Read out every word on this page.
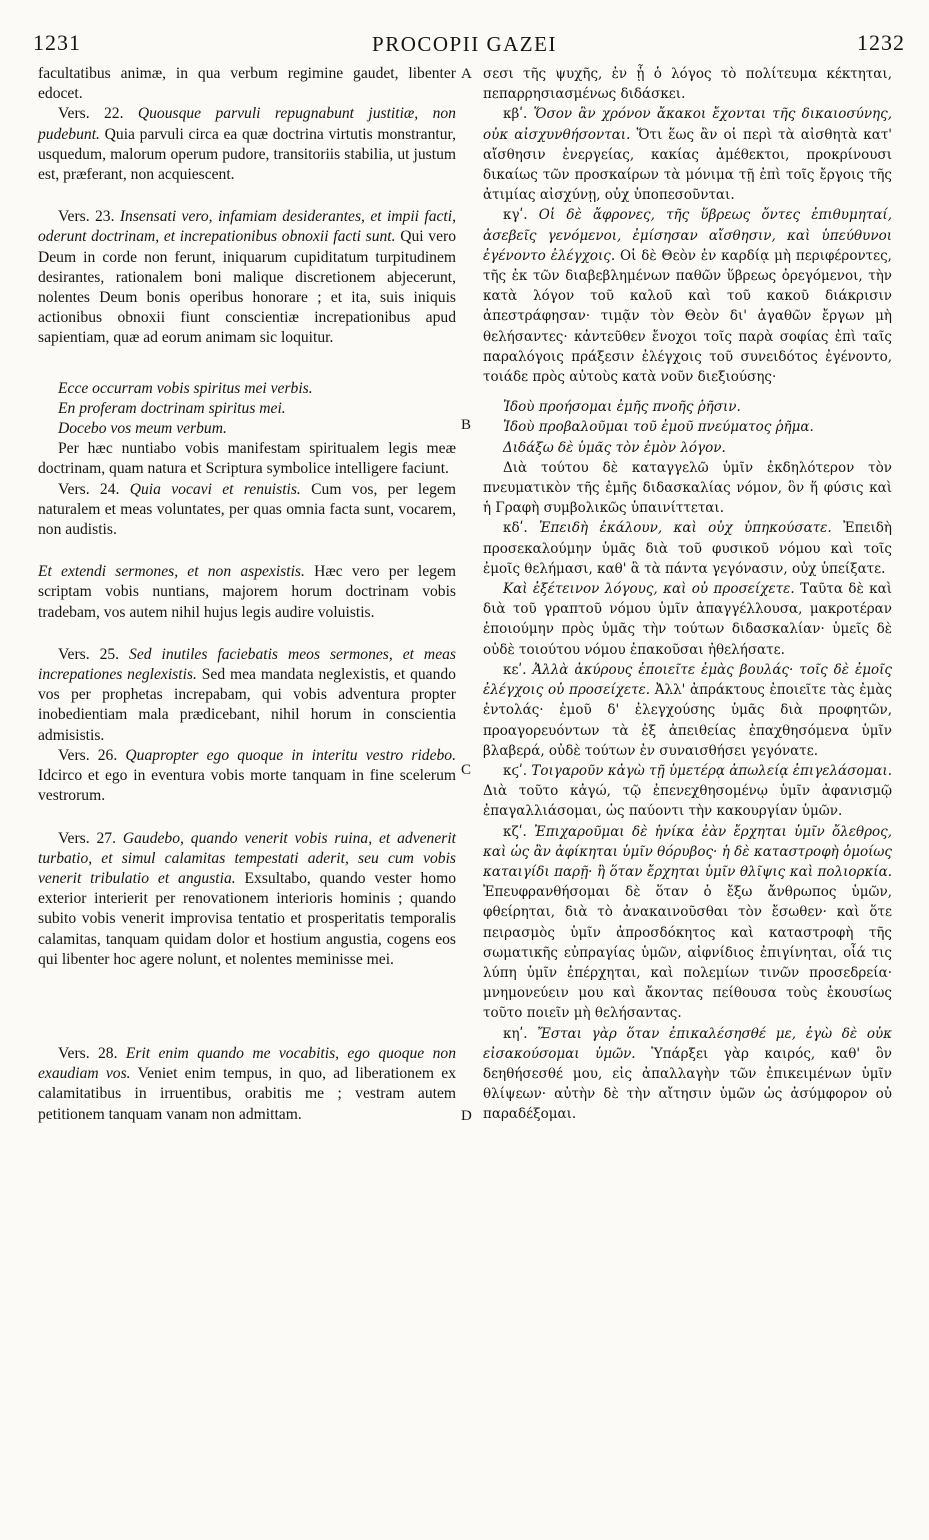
1231	PROCOPII GAZEI	1232
A
B
C
D

facultatibus animæ, in qua verbum regimine gaudet, libenter edocet.

Vers. 22. Quousque parvuli repugnabunt justitiæ, non pudebunt. Quia parvuli circa ea quæ doctrina virtutis monstrantur, usquedum, malorum operum pudore, transitoriis stabilia, ut justum est, præferant, non acquiescent.

Vers. 23. Insensati vero, infamiam desiderantes, et impii facti, oderunt doctrinam, et increpationibus obnoxii facti sunt. Qui vero Deum in corde non ferunt, iniquarum cupiditatum turpitudinem desirantes, rationalem boni malique discretionem abjecerunt, nolentes Deum bonis operibus honorare ; et ita, suis iniquis actionibus obnoxii fiunt conscientiæ increpationibus apud sapientiam, quæ ad eorum animam sic loquitur.

Ecce occurram vobis spiritus mei verbis.
En proferam doctrinam spiritus mei.
Docebo vos meum verbum.

Per hæc nuntiabo vobis manifestam spiritualem legis meæ doctrinam, quam natura et Scriptura symbolice intelligere faciunt.

Vers. 24. Quia vocavi et renuistis. Cum vos, per legem naturalem et meas voluntates, per quas omnia facta sunt, vocarem, non audistis.

Et extendi sermones, et non aspexistis. Hæc vero per legem scriptam vobis nuntians, majorem horum doctrinam vobis tradebam, vos autem nihil hujus legis audire voluistis.

Vers. 25. Sed inutiles faciebatis meos sermones, et meas increpationes neglexistis. Sed mea mandata neglexistis, et quando vos per prophetas increpabam, qui vobis adventura propter inobedientiam mala prædicebant, nihil horum in conscientia admisistis.

Vers. 26. Quapropter ego quoque in interitu vestro ridebo. Idcirco et ego in eventura vobis morte tanquam in fine scelerum vestrorum.

Vers. 27. Gaudebo, quando venerit vobis ruina, et advenerit turbatio, et simul calamitas tempestati aderit, seu cum vobis venerit tribulatio et angustia. Exsultabo, quando vester homo exterior interierit per renovationem interioris hominis ; quando subito vobis venerit improvisa tentatio et prosperitatis temporalis calamitas, tanquam quidam dolor et hostium angustia, cogens eos qui libenter hoc agere nolunt, et nolentes meminisse mei.

Vers. 28. Erit enim quando me vocabitis, ego quoque non exaudiam vos. Veniet enim tempus, in quo, ad liberationem ex calamitatibus in irruentibus, orabitis me ; vestram autem petitionem tanquam vanam non admittam.

σεσι τῆς ψυχῆς, ἐν ᾗ ὁ λόγος τὸ πολίτευμα κέκτηται, πεπαρρησιασμένως διδάσκει.

κβʹ. Ὅσον ἂν χρόνον ἄκακοι ἔχονται τῆς δικαιοσύνης, οὐκ αἰσχυνθήσονται. Ὅτι ἕως ἂν οἱ περὶ τὰ αἰσθητὰ κατ' αἴσθησιν ἐνεργείας, κακίας ἀμέθεκτοι, προκρίνουσι δικαίως τῶν προσκαίρων τὰ μόνιμα τῇ ἐπὶ τοῖς ἔργοις τῆς ἀτιμίας αἰσχύνῃ, οὐχ ὑποπεσοῦνται.

κγʹ. Οἱ δὲ ἄφρονες, τῆς ὕβρεως ὄντες ἐπιθυμηταί, ἀσεβεῖς γενόμενοι, ἐμίσησαν αἴσθησιν, καὶ ὑπεύθυνοι ἐγένοντο ἐλέγχοις. Οἱ δὲ Θεὸν ἐν καρδίᾳ μὴ περιφέροντες, τῆς ἐκ τῶν διαβεβλημένων παθῶν ὕβρεως ὀρεγόμενοι, τὴν κατὰ λόγον τοῦ καλοῦ καὶ τοῦ κακοῦ διάκρισιν ἀπεστράφησαν· τιμᾷν τὸν Θεὸν δι' ἀγαθῶν ἔργων μὴ θελήσαντες· κἀντεῦθεν ἔνοχοι τοῖς παρὰ σοφίας ἐπὶ ταῖς παραλόγοις πράξεσιν ἐλέγχοις τοῦ συνειδότος ἐγένοντο, τοιάδε πρὸς αὐτοὺς κατὰ νοῦν διεξιούσης·

Ἰδοὺ προήσομαι ἐμῆς πνοῆς ῥῆσιν.
Ἰδοὺ προβαλοῦμαι τοῦ ἐμοῦ πνεύματος ῥῆμα.
Διδάξω δὲ ὑμᾶς τὸν ἐμὸν λόγον.

Διὰ τούτου δὲ καταγγελῶ ὑμῖν ἐκδηλότερον τὸν πνευματικὸν τῆς ἐμῆς διδασκαλίας νόμον, ὃν ἥ φύσις καὶ ἡ Γραφὴ συμβολικῶς ὑπαινίττεται.

κδʹ. Ἐπειδὴ ἐκάλουν, καὶ οὐχ ὑπηκούσατε. Ἐπειδὴ προσεκαλούμην ὑμᾶς διὰ τοῦ φυσικοῦ νόμου καὶ τοῖς ἐμοῖς θελήμασι, καθ' ἃ τὰ πάντα γεγόνασιν, οὐχ ὑπείξατε.

Καὶ ἐξέτεινον λόγους, καὶ οὐ προσείχετε. Ταῦτα δὲ καὶ διὰ τοῦ γραπτοῦ νόμου ὑμῖν ἀπαγγέλλουσα, μακροτέραν ἐποιούμην πρὸς ὑμᾶς τὴν τούτων διδασκαλίαν· ὑμεῖς δὲ οὐδὲ τοιούτου νόμου ἐπακοῦσαι ἠθελήσατε.

κεʹ. Ἀλλὰ ἀκύρους ἐποιεῖτε ἐμὰς βουλάς· τοῖς δὲ ἐμοῖς ἐλέγχοις οὐ προσείχετε. Ἀλλ' ἀπράκτους ἐποιεῖτε τὰς ἐμὰς ἐντολάς· ἐμοῦ δ' ἐλεγχούσης ὑμᾶς διὰ προφητῶν, προαγορευόντων τὰ ἐξ ἀπειθείας ἐπαχθησόμενα ὑμῖν βλαβερά, οὐδὲ τούτων ἐν συναισθήσει γεγόνατε.

κϛʹ. Τοιγαροῦν κἀγὼ τῇ ὑμετέρᾳ ἀπωλείᾳ ἐπιγελάσομαι. Διὰ τοῦτο κἀγώ, τῷ ἐπενεχθησομένῳ ὑμῖν ἀφανισμῷ ἐπαγαλλιάσομαι, ὡς παύοντι τὴν κακουργίαν ὑμῶν.

κζʹ. Ἐπιχαροῦμαι δὲ ἡνίκα ἐὰν ἔρχηται ὑμῖν ὄλεθρος, καὶ ὡς ἂν ἀφίκηται ὑμῖν θόρυβος· ἡ δὲ καταστροφὴ ὁμοίως καταιγίδι παρῇ· ἢ ὅταν ἔρχηται ὑμῖν θλῖψις καὶ πολιορκία. Ἐπευφρανθήσομαι δὲ ὅταν ὁ ἔξω ἄνθρωπος ὑμῶν, φθείρηται, διὰ τὸ ἀνακαινοῦσθαι τὸν ἔσωθεν· καὶ ὅτε πειρασμὸς ὑμῖν ἀπροσδόκητος καὶ καταστροφὴ τῆς σωματικῆς εὐπραγίας ὑμῶν, αἰφνίδιος ἐπιγίνηται, οἷά τις λύπη ὑμῖν ἐπέρχηται, καὶ πολεμίων τινῶν προσεδρεία· μνημονεύειν μου καὶ ἄκοντας πείθουσα τοὺς ἑκουσίως τοῦτο ποιεῖν μὴ θελήσαντας.

κηʹ. Ἔσται γὰρ ὅταν ἐπικαλέσησθέ με, ἐγὼ δὲ οὐκ εἰσακούσομαι ὑμῶν. Ὑπάρξει γὰρ καιρός, καθ' ὃν δεηθήσεσθέ μου, εἰς ἀπαλλαγὴν τῶν ἐπικειμένων ὑμῖν θλίψεων· αὐτὴν δὲ τὴν αἴτησιν ὑμῶν ὡς ἀσύμφορον οὐ παραδέξομαι.
